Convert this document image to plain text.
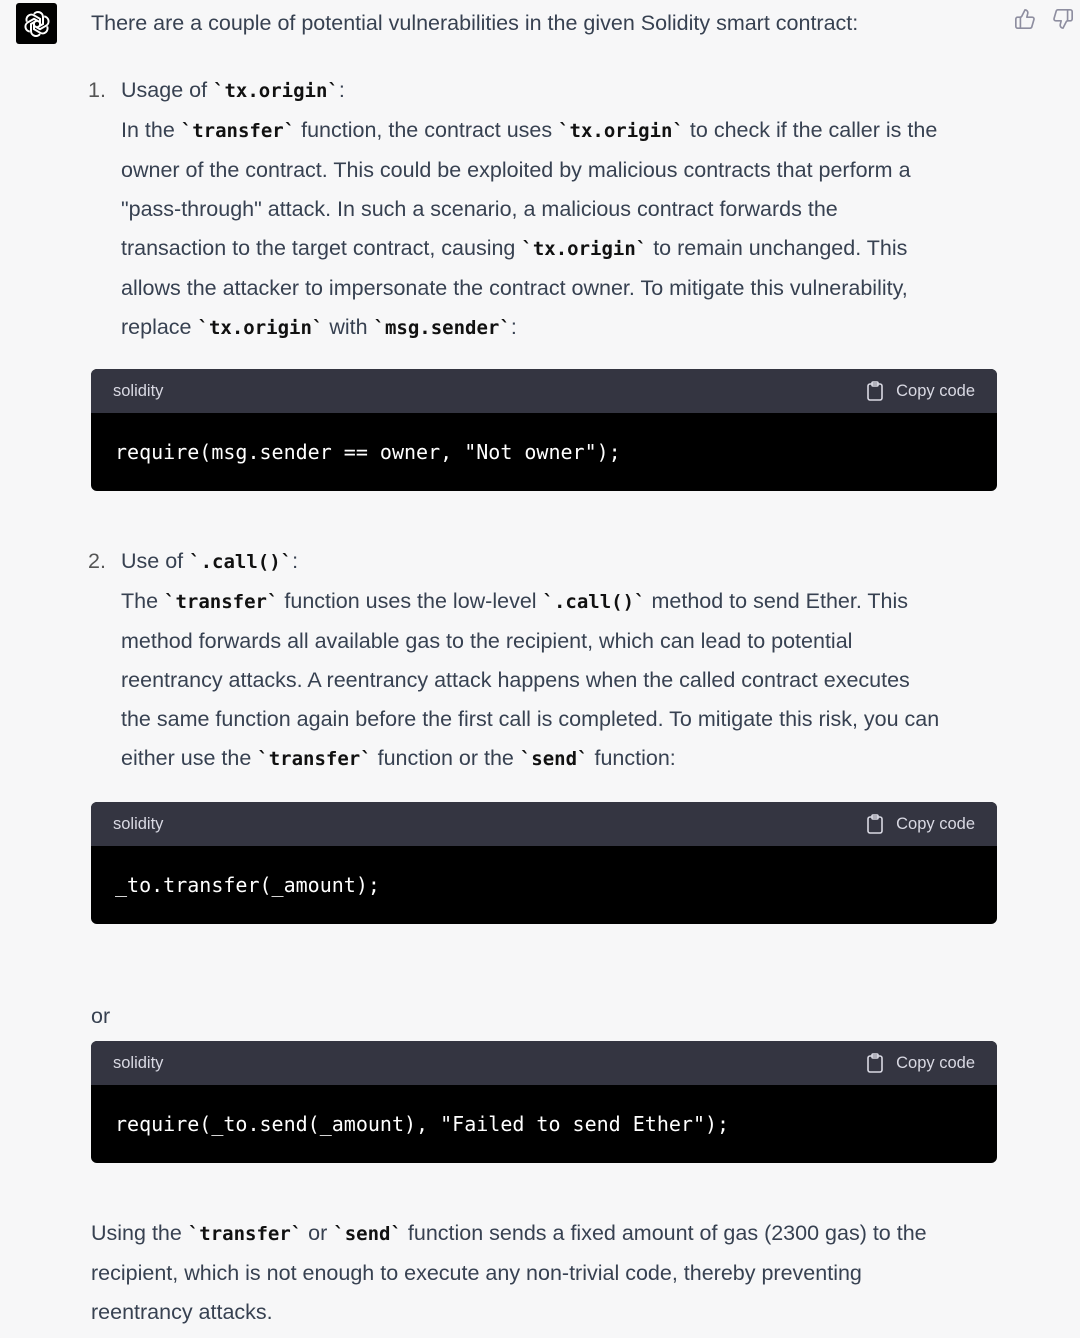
There are a couple of potential vulnerabilities in the given Solidity smart contract:

1. Usage of `tx.origin`:

In the `transfer` function, the contract uses `tx.origin` to check if the caller is the

owner of the contract. This could be exploited by malicious contracts that perform a

"pass-through" attack. In such a scenario, a malicious contract forwards the

transaction to the target contract, causing `tx.origin` to remain unchanged. This

allows the attacker to impersonate the contract owner. To mitigate this vulnerability,

replace `tx.origin` with `msg.sender`:

solidity	Copy code
require(msg.sender == owner, "Not owner");
2. Use of `.call()`:

The `transfer` function uses the low-level `.call()` method to send Ether. This

method forwards all available gas to the recipient, which can lead to potential

reentrancy attacks. A reentrancy attack happens when the called contract executes

the same function again before the first call is completed. To mitigate this risk, you can

either use the `transfer` function or the `send` function:

solidity	Copy code
_to.transfer(_amount);

or

solidity	Copy code
require(_to.send(_amount), "Failed to send Ether");

Using the `transfer` or `send` function sends a fixed amount of gas (2300 gas) to the

recipient, which is not enough to execute any non-trivial code, thereby preventing

reentrancy attacks.
